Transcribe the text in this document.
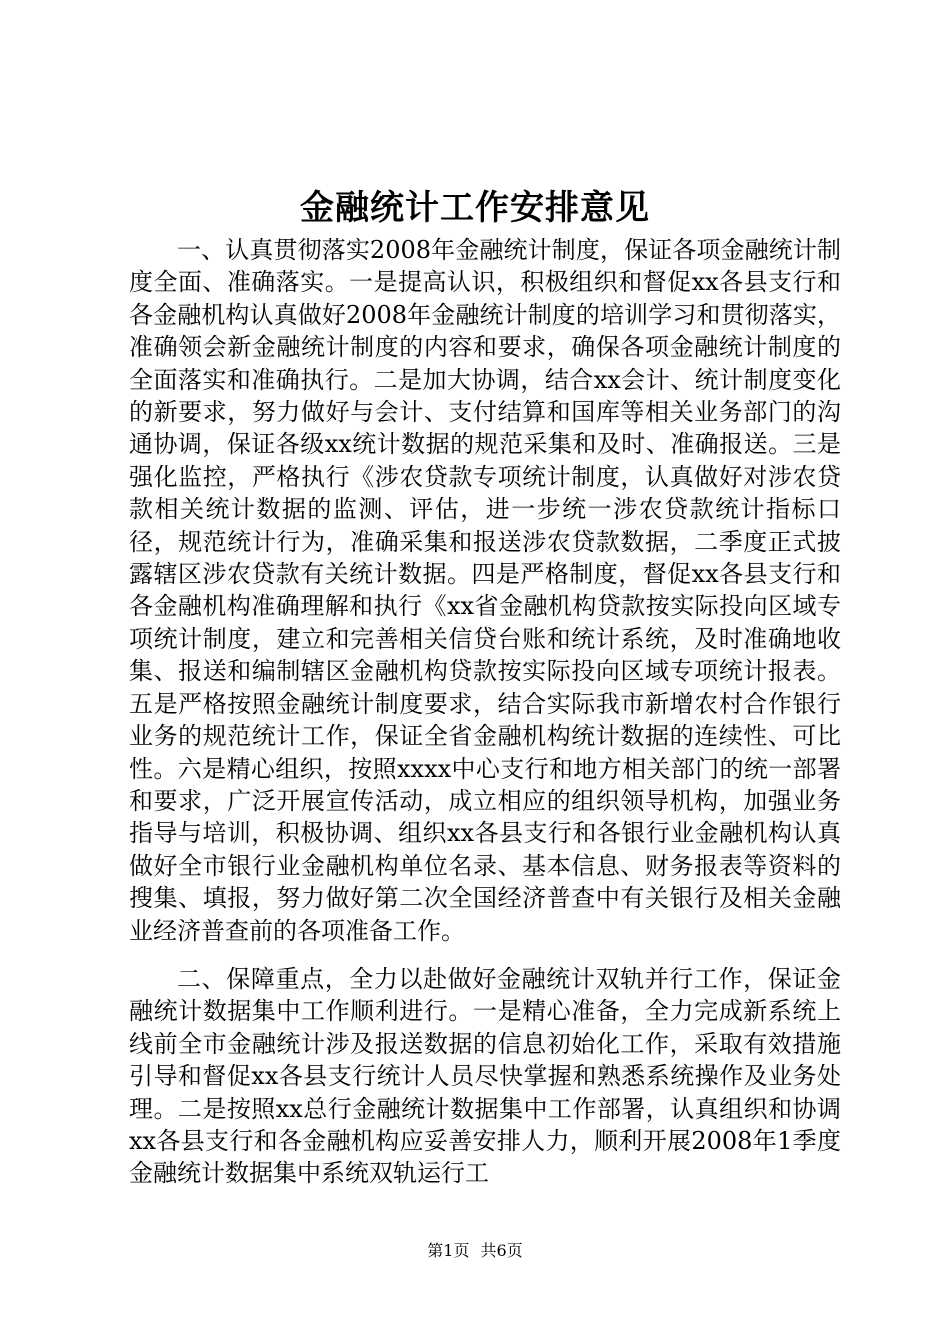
金融统计工作安排意见

一、认真贯彻落实2008年金融统计制度，保证各项金融统计制度全面、准确落实。一是提高认识，积极组织和督促xx各县支行和各金融机构认真做好2008年金融统计制度的培训学习和贯彻落实，准确领会新金融统计制度的内容和要求，确保各项金融统计制度的全面落实和准确执行。二是加大协调，结合xx会计、统计制度变化的新要求，努力做好与会计、支付结算和国库等相关业务部门的沟通协调，保证各级xx统计数据的规范采集和及时、准确报送。三是强化监控，严格执行《涉农贷款专项统计制度，认真做好对涉农贷款相关统计数据的监测、评估，进一步统一涉农贷款统计指标口径，规范统计行为，准确采集和报送涉农贷款数据，二季度正式披露辖区涉农贷款有关统计数据。四是严格制度，督促xx各县支行和各金融机构准确理解和执行《xx省金融机构贷款按实际投向区域专项统计制度，建立和完善相关信贷台账和统计系统，及时准确地收集、报送和编制辖区金融机构贷款按实际投向区域专项统计报表。五是严格按照金融统计制度要求，结合实际我市新增农村合作银行业务的规范统计工作，保证全省金融机构统计数据的连续性、可比性。六是精心组织，按照xxxx中心支行和地方相关部门的统一部署和要求，广泛开展宣传活动，成立相应的组织领导机构，加强业务指导与培训，积极协调、组织xx各县支行和各银行业金融机构认真做好全市银行业金融机构单位名录、基本信息、财务报表等资料的搜集、填报，努力做好第二次全国经济普查中有关银行及相关金融业经济普查前的各项准备工作。

二、保障重点，全力以赴做好金融统计双轨并行工作，保证金融统计数据集中工作顺利进行。一是精心准备，全力完成新系统上线前全市金融统计涉及报送数据的信息初始化工作，采取有效措施引导和督促xx各县支行统计人员尽快掌握和熟悉系统操作及业务处理。二是按照xx总行金融统计数据集中工作部署，认真组织和协调xx各县支行和各金融机构应妥善安排人力，顺利开展2008年1季度金融统计数据集中系统双轨运行工

第1页 共6页
